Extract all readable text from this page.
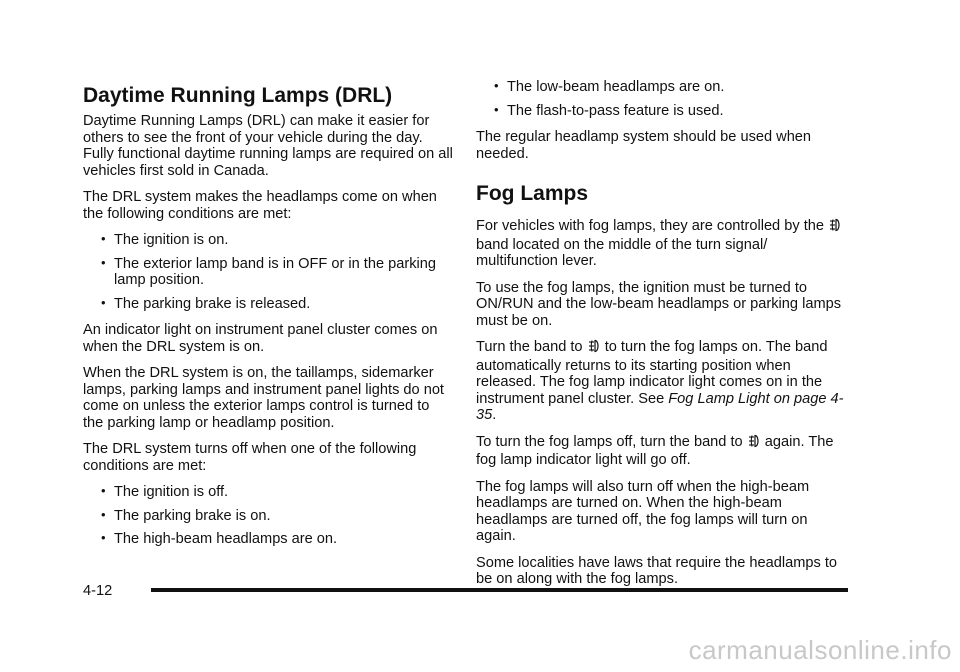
Daytime Running Lamps (DRL)

Daytime Running Lamps (DRL) can make it easier for others to see the front of your vehicle during the day. Fully functional daytime running lamps are required on all vehicles first sold in Canada.

The DRL system makes the headlamps come on when the following conditions are met:

• The ignition is on.
• The exterior lamp band is in OFF or in the parking lamp position.
• The parking brake is released.

An indicator light on instrument panel cluster comes on when the DRL system is on.

When the DRL system is on, the taillamps, sidemarker lamps, parking lamps and instrument panel lights do not come on unless the exterior lamps control is turned to the parking lamp or headlamp position.

The DRL system turns off when one of the following conditions are met:

• The ignition is off.
• The parking brake is on.
• The high-beam headlamps are on.
• The low-beam headlamps are on.
• The flash-to-pass feature is used.

The regular headlamp system should be used when needed.

Fog Lamps

For vehicles with fog lamps, they are controlled by the  band located on the middle of the turn signal/ multifunction lever.

To use the fog lamps, the ignition must be turned to ON/RUN and the low-beam headlamps or parking lamps must be on.

Turn the band to to turn the fog lamps on. The band automatically returns to its starting position when released. The fog lamp indicator light comes on in the instrument panel cluster. See Fog Lamp Light on page 4-35.

To turn the fog lamps off, turn the band to again. The fog lamp indicator light will go off.

The fog lamps will also turn off when the high-beam headlamps are turned on. When the high-beam headlamps are turned off, the fog lamps will turn on again.

Some localities have laws that require the headlamps to be on along with the fog lamps.

4-12
carmanualsonline.info
